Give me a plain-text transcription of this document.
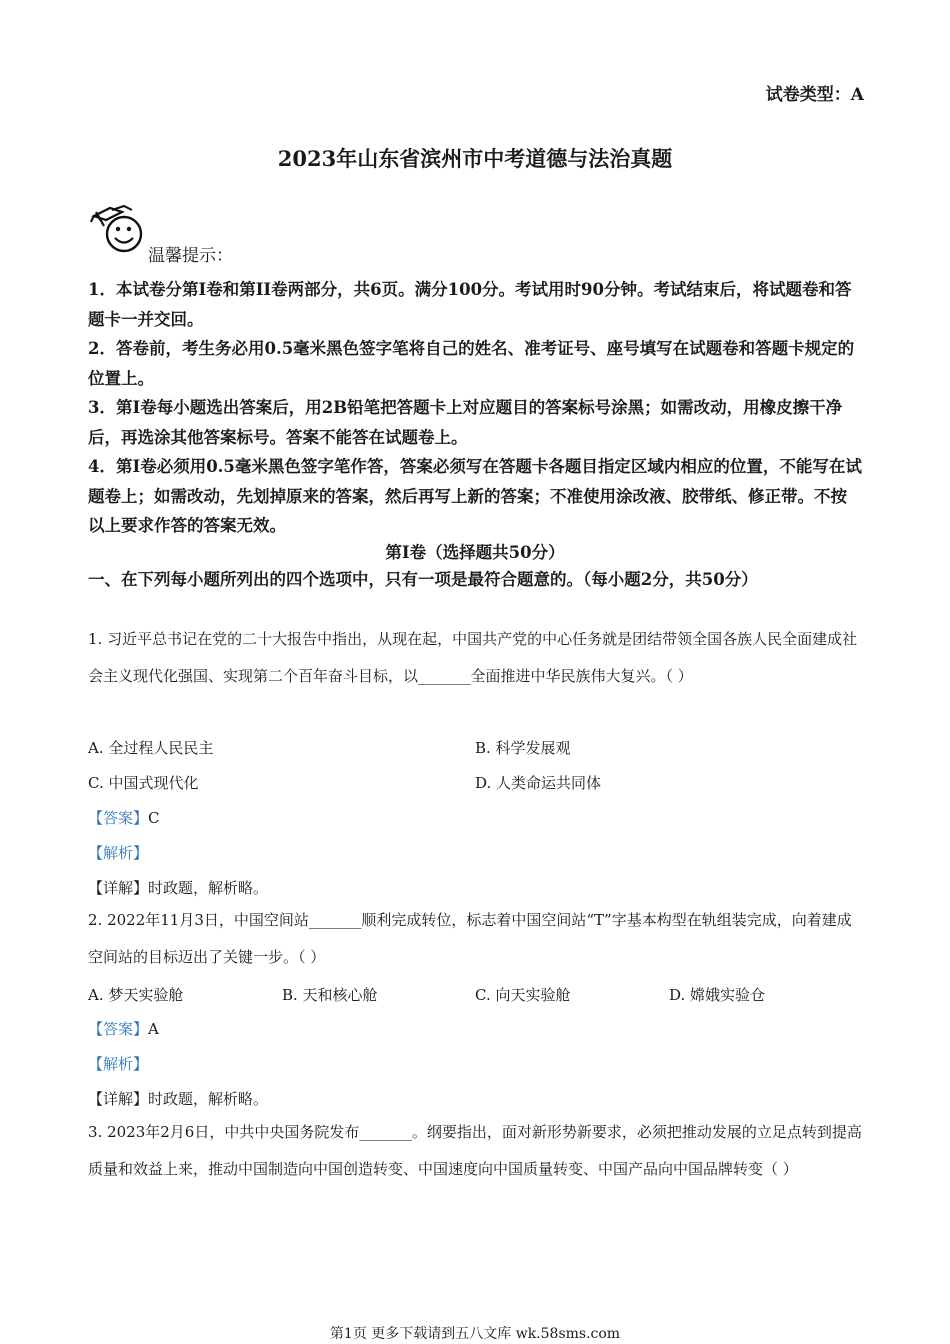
试卷类型：A
2023年山东省滨州市中考道德与法治真题
温馨提示：
1．本试卷分第I卷和第II卷两部分，共6页。满分100分。考试用时90分钟。考试结束后，将试题卷和答题卡一并交回。
2．答卷前，考生务必用0.5毫米黑色签字笔将自己的姓名、准考证号、座号填写在试题卷和答题卡规定的位置上。
3．第Ⅰ卷每小题选出答案后，用2B铅笔把答题卡上对应题目的答案标号涂黑；如需改动，用橡皮擦干净后，再选涂其他答案标号。答案不能答在试题卷上。
4．第I卷必须用0.5毫米黑色签字笔作答，答案必须写在答题卡各题目指定区域内相应的位置，不能写在试题卷上；如需改动，先划掉原来的答案，然后再写上新的答案；不准使用涂改液、胶带纸、修正带。不按以上要求作答的答案无效。
第Ⅰ卷（选择题共50分）
一、在下列每小题所列出的四个选项中，只有一项是最符合题意的。（每小题2分，共50分）
1. 习近平总书记在党的二十大报告中指出，从现在起，中国共产党的中心任务就是团结带领全国各族人民全面建成社会主义现代化强国、实现第二个百年奋斗目标，以_______全面推进中华民族伟大复兴。（ ）
A. 全过程人民民主	B. 科学发展观
C. 中国式现代化	D. 人类命运共同体
【答案】C
【解析】
【详解】时政题，解析略。
2. 2022年11月3日，中国空间站_______顺利完成转位，标志着中国空间站“T”字基本构型在轨组装完成，向着建成空间站的目标迈出了关键一步。（ ）
A. 梦天实验舱	B. 天和核心舱	C. 向天实验舱	D. 嫦娥实验仓
【答案】A
【解析】
【详解】时政题，解析略。
3. 2023年2月6日，中共中央国务院发布_______。纲要指出，面对新形势新要求，必须把推动发展的立足点转到提高质量和效益上来，推动中国制造向中国创造转变、中国速度向中国质量转变、中国产品向中国品牌转变（ ）
第1页 更多下载请到五八文库 wk.58sms.com
